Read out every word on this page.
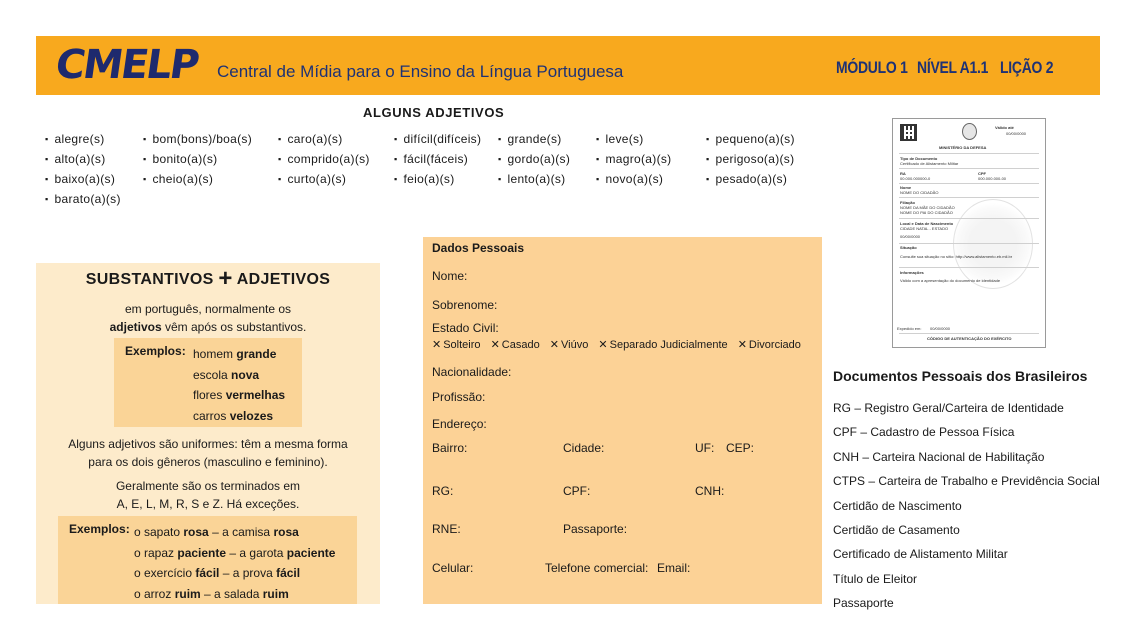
CMELP Central de Mídia para o Ensino da Língua Portuguesa	MÓDULO 1 NÍVEL A1.1 LIÇÃO 2
ALGUNS ADJETIVOS
▪ alegre(s)
▪ alto(a)(s)
▪ baixo(a)(s)
▪ barato(a)(s)
▪ bom(bons)/boa(s)
▪ bonito(a)(s)
▪ cheio(a)(s)
▪ caro(a)(s)
▪ comprido(a)(s)
▪ curto(a)(s)
▪ difícil(difíceis)
▪ fácil(fáceis)
▪ feio(a)(s)
▪ grande(s)
▪ gordo(a)(s)
▪ lento(a)(s)
▪ leve(s)
▪ magro(a)(s)
▪ novo(a)(s)
▪ pequeno(a)(s)
▪ perigoso(a)(s)
▪ pesado(a)(s)
SUBSTANTIVOS + ADJETIVOS
em português, normalmente os
adjetivos vêm após os substantivos.
Exemplos: homem grande
escola nova
flores vermelhas
carros velozes
Alguns adjetivos são uniformes: têm a mesma forma
para os dois gêneros (masculino e feminino).
Geralmente são os terminados em
A, E, L, M, R, S e Z. Há exceções.
Exemplos: o sapato rosa – a camisa rosa
o rapaz paciente – a garota paciente
o exercício fácil – a prova fácil
o arroz ruim – a salada ruim
Dados Pessoais
Nome:
Sobrenome:
Estado Civil:
✕ Solteiro ✕ Casado ✕ Viúvo ✕ Separado Judicialmente ✕ Divorciado
Nacionalidade:
Profissão:
Endereço:
Bairro:	Cidade:	UF: CEP:
RG:	CPF:	CNH:
RNE:	Passaporte:
Celular:	Telefone comercial: Email:
Válido até
00/00/0000
MINISTÉRIO DA DEFESA
Tipo de Documento
Certificado de Alistamento Militar
RA
00.000.000000-0
CPF
000.000.000-00
Nome
NOME DO CIDADÃO
Filiação
NOME DA MÃE DO CIDADÃO
NOME DO PAI DO CIDADÃO
Local e Data de Nascimento
CIDADE NATAL - ESTADO
00/00/0000
Situação
Consulte sua situação no sítio: http://www.alistamento.eb.mil.br
Informações
Válido com a apresentação do documento de identidade
Expedido em: 00/00/0000
CÓDIGO DE AUTENTICAÇÃO DO EXÉRCITO
Documentos Pessoais dos Brasileiros
RG – Registro Geral/Carteira de Identidade
CPF – Cadastro de Pessoa Física
CNH – Carteira Nacional de Habilitação
CTPS – Carteira de Trabalho e Previdência Social
Certidão de Nascimento
Certidão de Casamento
Certificado de Alistamento Militar
Título de Eleitor
Passaporte
